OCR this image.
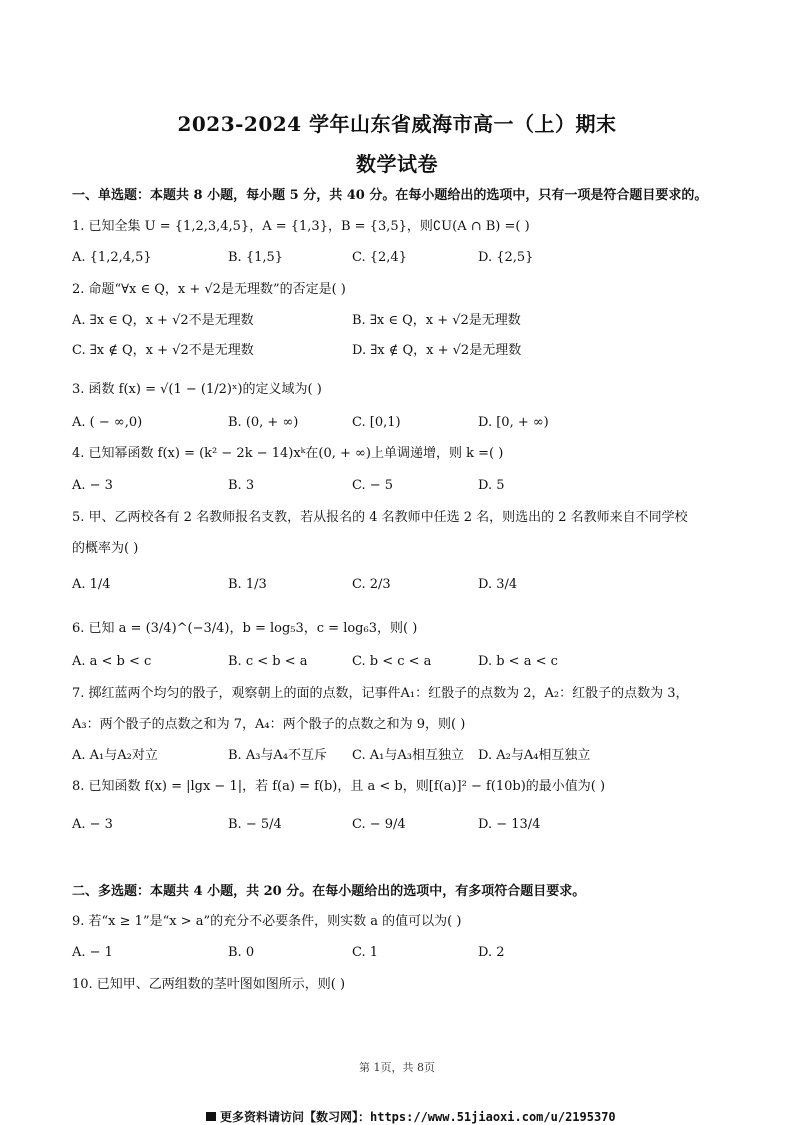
2023-2024 学年山东省威海市高一（上）期末
数学试卷
一、单选题：本题共 8 小题，每小题 5 分，共 40 分。在每小题给出的选项中，只有一项是符合题目要求的。
1. 已知全集 U = {1,2,3,4,5}，A = {1,3}，B = {3,5}，则∁U(A ∩ B) =( )
A. {1,2,4,5}	B. {1,5}	C. {2,4}	D. {2,5}
2. 命题“∀x ∈ Q，x + √2是无理数”的否定是( )
A. ∃x ∈ Q，x + √2不是无理数	B. ∃x ∈ Q，x + √2是无理数
C. ∃x ∉ Q，x + √2不是无理数	D. ∃x ∉ Q，x + √2是无理数
3. 函数 f(x) = √(1 − (1/2)ˣ)的定义域为( )
A. ( − ∞,0)	B. (0, + ∞)	C. [0,1)	D. [0, + ∞)
4. 已知幂函数 f(x) = (k² − 2k − 14)xᵏ在(0, + ∞)上单调递增，则 k =( )
A. − 3	B. 3	C. − 5	D. 5
5. 甲、乙两校各有 2 名教师报名支教，若从报名的 4 名教师中任选 2 名，则选出的 2 名教师来自不同学校
的概率为( )
A. 1/4	B. 1/3	C. 2/3	D. 3/4
6. 已知 a = (3/4)^(−3/4)，b = log₅3，c = log₆3，则( )
A. a < b < c	B. c < b < a	C. b < c < a	D. b < a < c
7. 掷红蓝两个均匀的骰子，观察朝上的面的点数，记事件A₁：红骰子的点数为 2，A₂：红骰子的点数为 3，
A₃：两个骰子的点数之和为 7，A₄：两个骰子的点数之和为 9，则( )
A. A₁与A₂对立	B. A₃与A₄不互斥 C. A₁与A₃相互独立 D. A₂与A₄相互独立
8. 已知函数 f(x) = |lgx − 1|，若 f(a) = f(b)，且 a < b，则[f(a)]² − f(10b)的最小值为( )
A. − 3	B. − 5/4	C. − 9/4	D. − 13/4
二、多选题：本题共 4 小题，共 20 分。在每小题给出的选项中，有多项符合题目要求。
9. 若“x ≥ 1”是“x > a”的充分不必要条件，则实数 a 的值可以为( )
A. − 1	B. 0	C. 1	D. 2
10. 已知甲、乙两组数的茎叶图如图所示，则( )
第 1页，共 8页
更多资料请访问【数习网】：https://www.51jiaoxi.com/u/2195370
